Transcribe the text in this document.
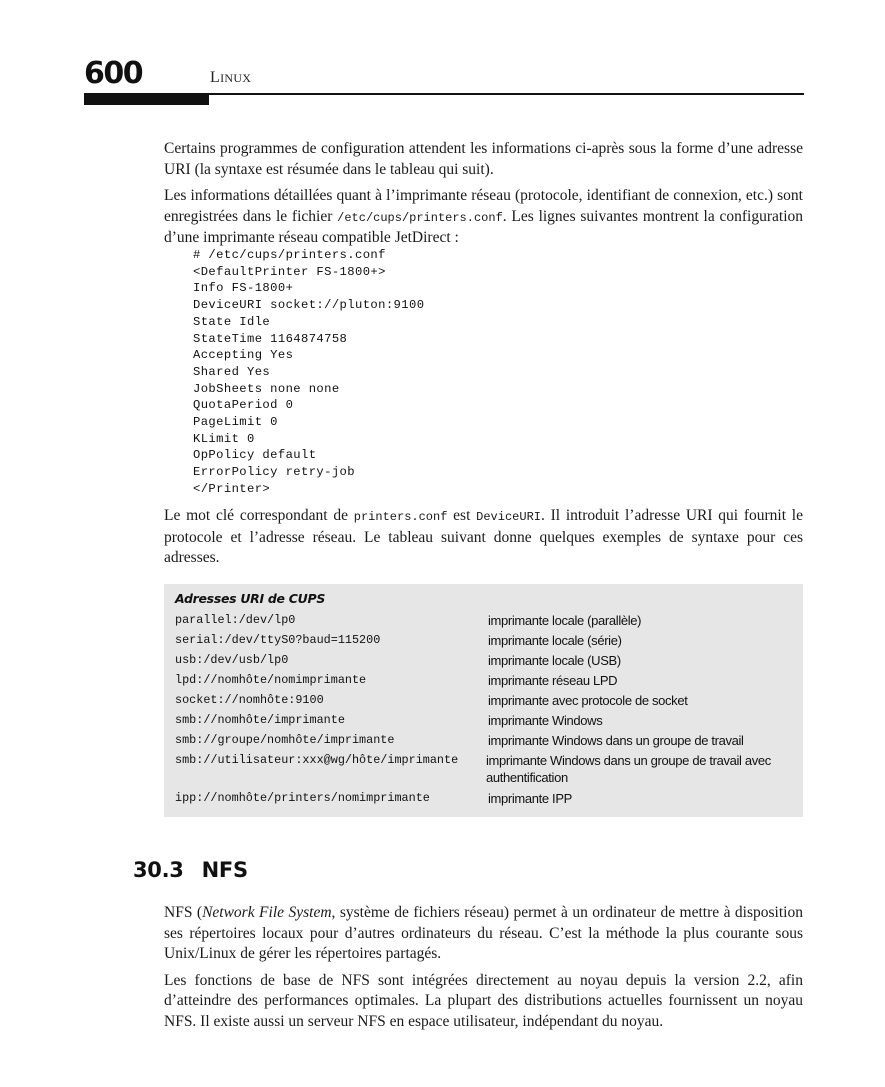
600	LINUX

Certains programmes de configuration attendent les informations ci-après sous la forme d’une adresse URI (la syntaxe est résumée dans le tableau qui suit).

Les informations détaillées quant à l’imprimante réseau (protocole, identifiant de connexion, etc.) sont enregistrées dans le fichier /etc/cups/printers.conf. Les lignes suivantes montrent la configuration d’une imprimante réseau compatible JetDirect :

# /etc/cups/printers.conf
<DefaultPrinter FS-1800+>
Info FS-1800+
DeviceURI socket://pluton:9100
State Idle
StateTime 1164874758
Accepting Yes
Shared Yes
JobSheets none none
QuotaPeriod 0
PageLimit 0
KLimit 0
OpPolicy default
ErrorPolicy retry-job
</Printer>

Le mot clé correspondant de printers.conf est DeviceURI. Il introduit l’adresse URI qui fournit le protocole et l’adresse réseau. Le tableau suivant donne quelques exemples de syntaxe pour ces adresses.

Adresses URI de CUPS
parallel:/dev/lp0	imprimante locale (parallèle)
serial:/dev/ttyS0?baud=115200	imprimante locale (série)
usb:/dev/usb/lp0	imprimante locale (USB)
lpd://nomhôte/nomimprimante	imprimante réseau LPD
socket://nomhôte:9100	imprimante avec protocole de socket
smb://nomhôte/imprimante	imprimante Windows
smb://groupe/nomhôte/imprimante	imprimante Windows dans un groupe de travail
smb://utilisateur:xxx@wg/hôte/imprimante imprimante Windows dans un groupe de travail avec authentification
ipp://nomhôte/printers/nomimprimante	imprimante IPP
30.3 NFS

NFS (Network File System, système de fichiers réseau) permet à un ordinateur de mettre à disposition ses répertoires locaux pour d’autres ordinateurs du réseau. C’est la méthode la plus courante sous Unix/Linux de gérer les répertoires partagés.

Les fonctions de base de NFS sont intégrées directement au noyau depuis la version 2.2, afin d’atteindre des performances optimales. La plupart des distributions actuelles fournissent un noyau NFS. Il existe aussi un serveur NFS en espace utilisateur, indépendant du noyau.
